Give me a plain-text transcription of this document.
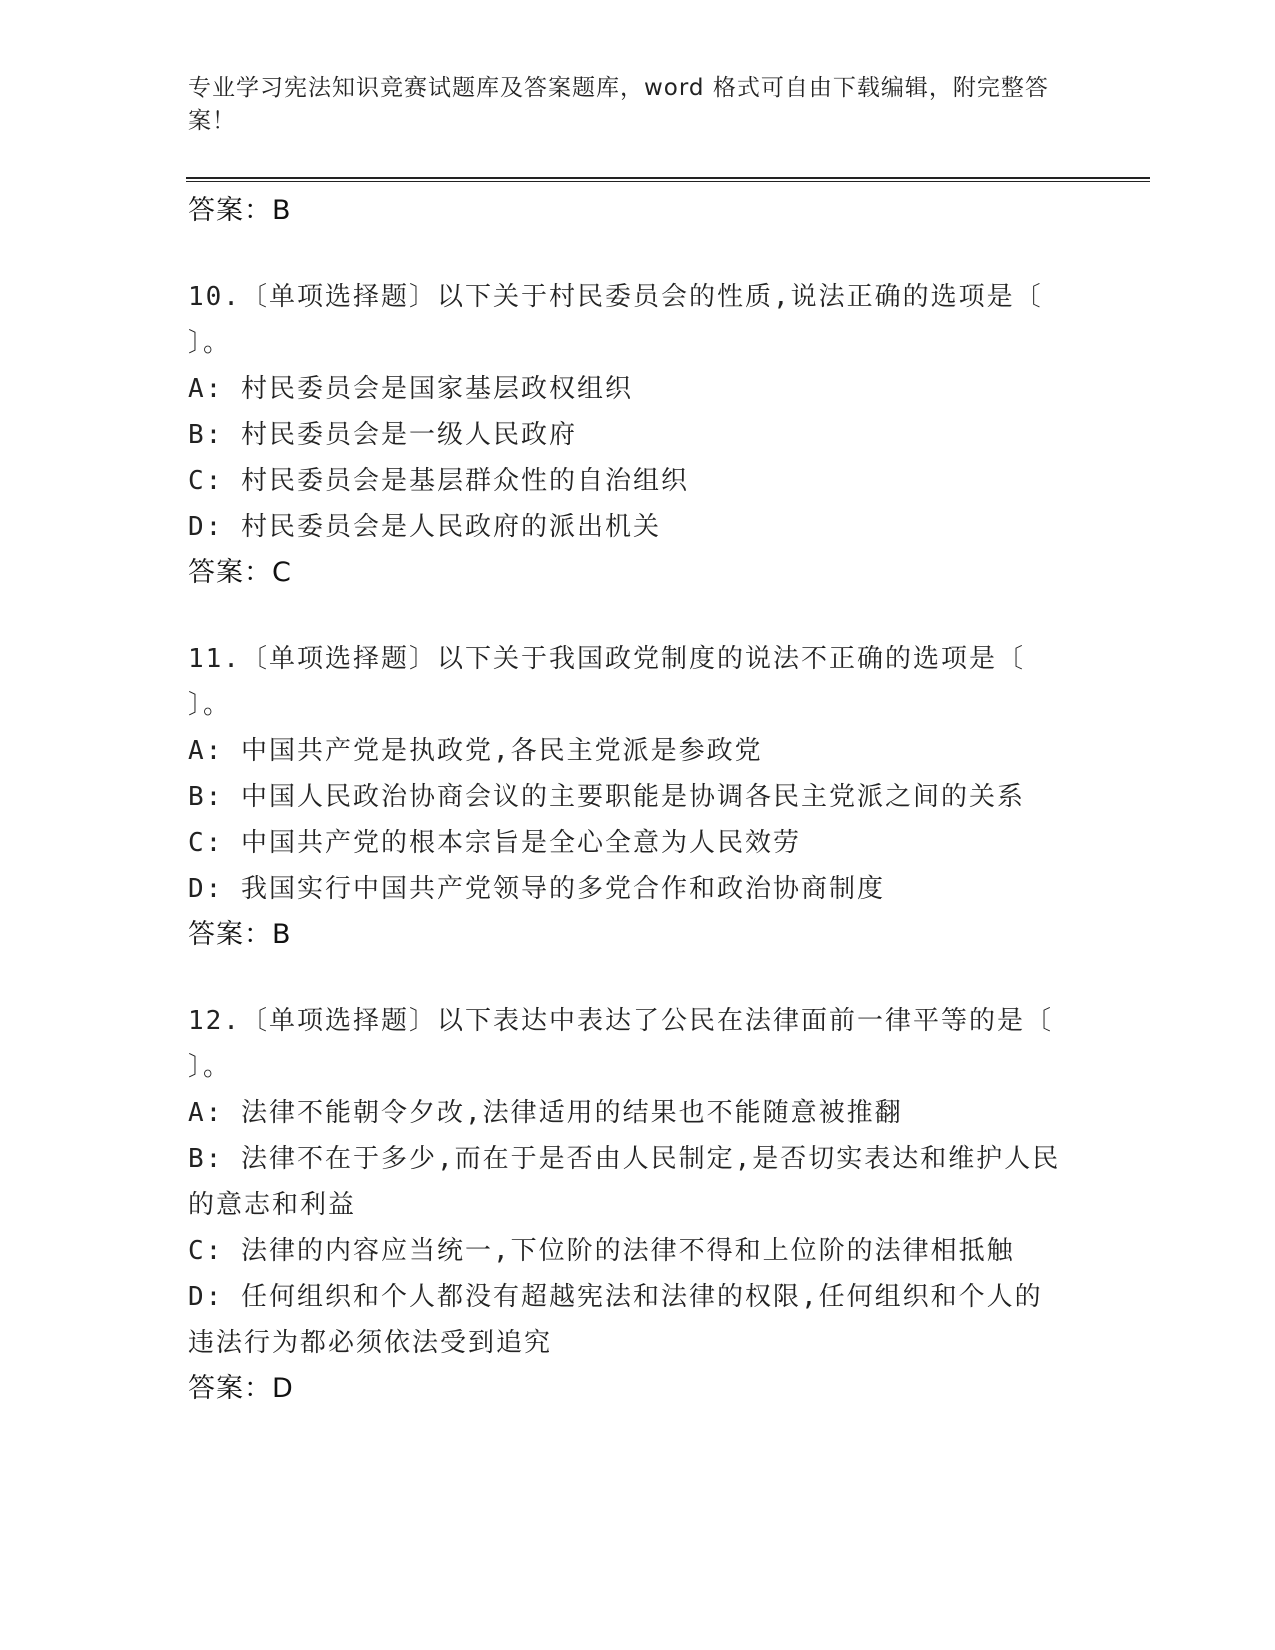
专业学习宪法知识竞赛试题库及答案题库，word 格式可自由下载编辑，附完整答案！

答案：B

10.〔单项选择题〕以下关于村民委员会的性质,说法正确的选项是〔

〕。

A: 村民委员会是国家基层政权组织

B: 村民委员会是一级人民政府

C: 村民委员会是基层群众性的自治组织

D: 村民委员会是人民政府的派出机关

答案：C

11.〔单项选择题〕以下关于我国政党制度的说法不正确的选项是〔

〕。

A: 中国共产党是执政党,各民主党派是参政党

B: 中国人民政治协商会议的主要职能是协调各民主党派之间的关系

C: 中国共产党的根本宗旨是全心全意为人民效劳

D: 我国实行中国共产党领导的多党合作和政治协商制度

答案：B

12.〔单项选择题〕以下表达中表达了公民在法律面前一律平等的是〔

〕。

A: 法律不能朝令夕改,法律适用的结果也不能随意被推翻

B: 法律不在于多少,而在于是否由人民制定,是否切实表达和维护人民

的意志和利益

C: 法律的内容应当统一,下位阶的法律不得和上位阶的法律相抵触

D: 任何组织和个人都没有超越宪法和法律的权限,任何组织和个人的

违法行为都必须依法受到追究

答案：D
